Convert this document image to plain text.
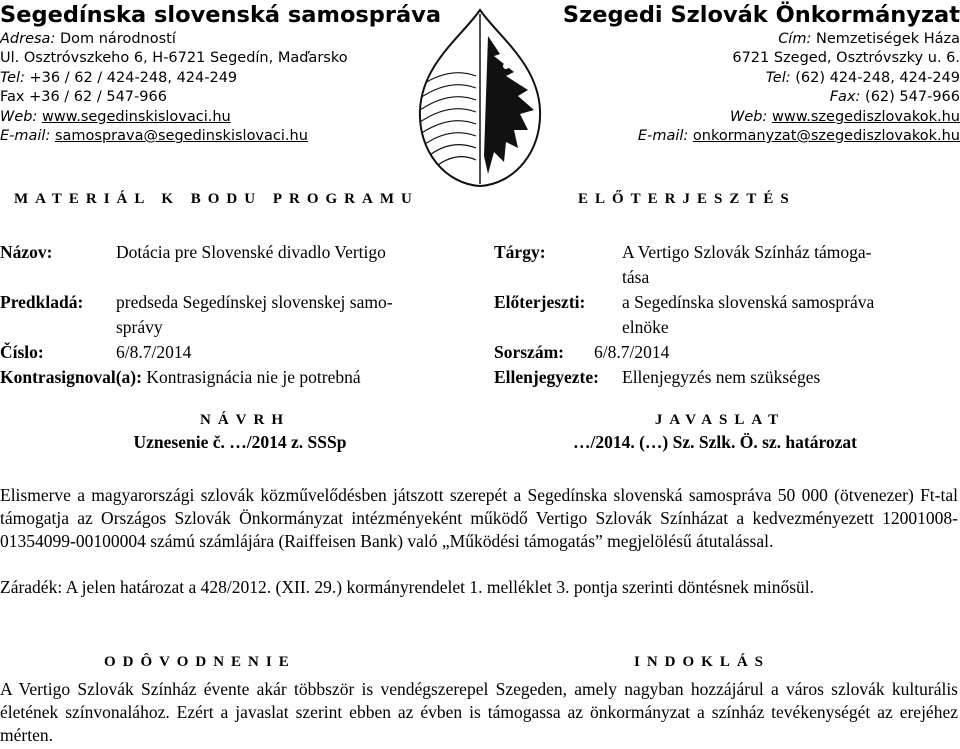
Segedínska slovenská samospráva
Adresa: Dom národností
Ul. Osztróvszkeho 6, H-6721 Segedín, Maďarsko
Tel: +36 / 62 / 424-248, 424-249
Fax +36 / 62 / 547-966
Web: www.segedinskislovaci.hu
E-mail: samosprava@segedinskislovaci.hu
Szegedi Szlovák Önkormányzat
Cím: Nemzetiségek Háza
6721 Szeged, Osztróvszky u. 6.
Tel: (62) 424-248, 424-249
Fax: (62) 547-966
Web: www.szegediszlovakok.hu
E-mail: onkormanyzat@szegediszlovakok.hu
MATERIÁL K BODU PROGRAMU	ELŐTERJESZTÉS
Názov:	Dotácia pre Slovenské divadlo Vertigo
Predkladá: predseda Segedínskej slovenskej samo-
správy
Číslo:	6/8.7/2014
Kontrasignoval(a): Kontrasignácia nie je potrebná
Tárgy:	A Vertigo Szlovák Színház támoga-
tása
Előterjeszti: a Segedínska slovenská samospráva
elnöke
Sorszám: 6/8.7/2014
Ellenjegyezte: Ellenjegyzés nem szükséges
NÁVRH
Uznesenie č. …/2014 z. SSSp
JAVASLAT
…/2014. (…) Sz. Szlk. Ö. sz. határozat
Elismerve a magyarországi szlovák közművelődésben játszott szerepét a Segedínska slovenská samospráva 50 000 (ötvenezer) Ft-tal támogatja az Országos Szlovák Önkormányzat intézményeként működő Vertigo Szlovák Színházat a kedvezményezett 12001008-01354099-00100004 számú számlájára (Raiffeisen Bank) való „Működési támogatás” megjelölésű átutalással.
Záradék: A jelen határozat a 428/2012. (XII. 29.) kormányrendelet 1. melléklet 3. pontja szerinti döntésnek minősül.
ODÔVODNENIE	INDOKLÁS
A Vertigo Szlovák Színház évente akár többször is vendégszerepel Szegeden, amely nagyban hozzájárul a város szlovák kulturális életének színvonalához. Ezért a javaslat szerint ebben az évben is támogassa az önkormányzat a színház tevékenységét az erejéhez mérten.
